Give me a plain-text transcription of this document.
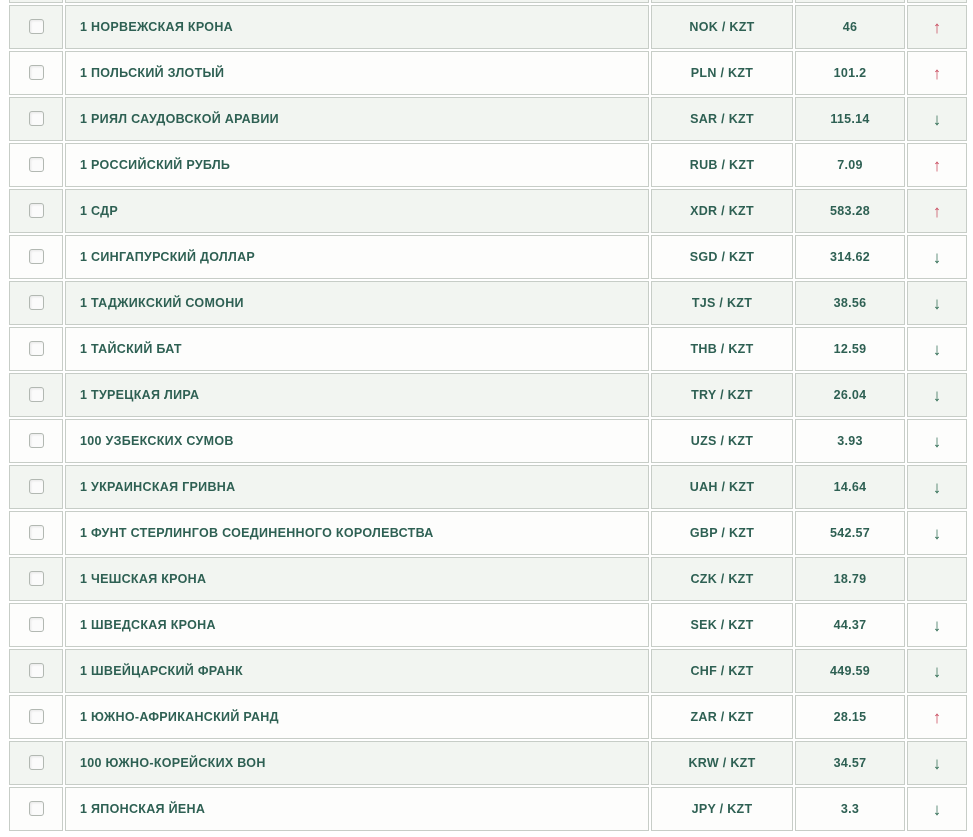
	1 НОРВЕЖСКАЯ КРОНА	NOK / KZT	46	↑
	1 ПОЛЬСКИЙ ЗЛОТЫЙ	PLN / KZT	101.2	↑
	1 РИЯЛ САУДОВСКОЙ АРАВИИ	SAR / KZT	115.14	↓
	1 РОССИЙСКИЙ РУБЛЬ	RUB / KZT	7.09	↑
	1 СДР	XDR / KZT	583.28	↑
	1 СИНГАПУРСКИЙ ДОЛЛАР	SGD / KZT	314.62	↓
	1 ТАДЖИКСКИЙ СОМОНИ	TJS / KZT	38.56	↓
	1 ТАЙСКИЙ БАТ	THB / KZT	12.59	↓
	1 ТУРЕЦКАЯ ЛИРА	TRY / KZT	26.04	↓
	100 УЗБЕКСКИХ СУМОВ	UZS / KZT	3.93	↓
	1 УКРАИНСКАЯ ГРИВНА	UAH / KZT	14.64	↓
	1 ФУНТ СТЕРЛИНГОВ СОЕДИНЕННОГО КОРОЛЕВСТВА	GBP / KZT	542.57	↓
	1 ЧЕШСКАЯ КРОНА	CZK / KZT	18.79	
	1 ШВЕДСКАЯ КРОНА	SEK / KZT	44.37	↓
	1 ШВЕЙЦАРСКИЙ ФРАНК	CHF / KZT	449.59	↓
	1 ЮЖНО-АФРИКАНСКИЙ РАНД	ZAR / KZT	28.15	↑
	100 ЮЖНО-КОРЕЙСКИХ ВОН	KRW / KZT	34.57	↓
	1 ЯПОНСКАЯ ЙЕНА	JPY / KZT	3.3	↓
